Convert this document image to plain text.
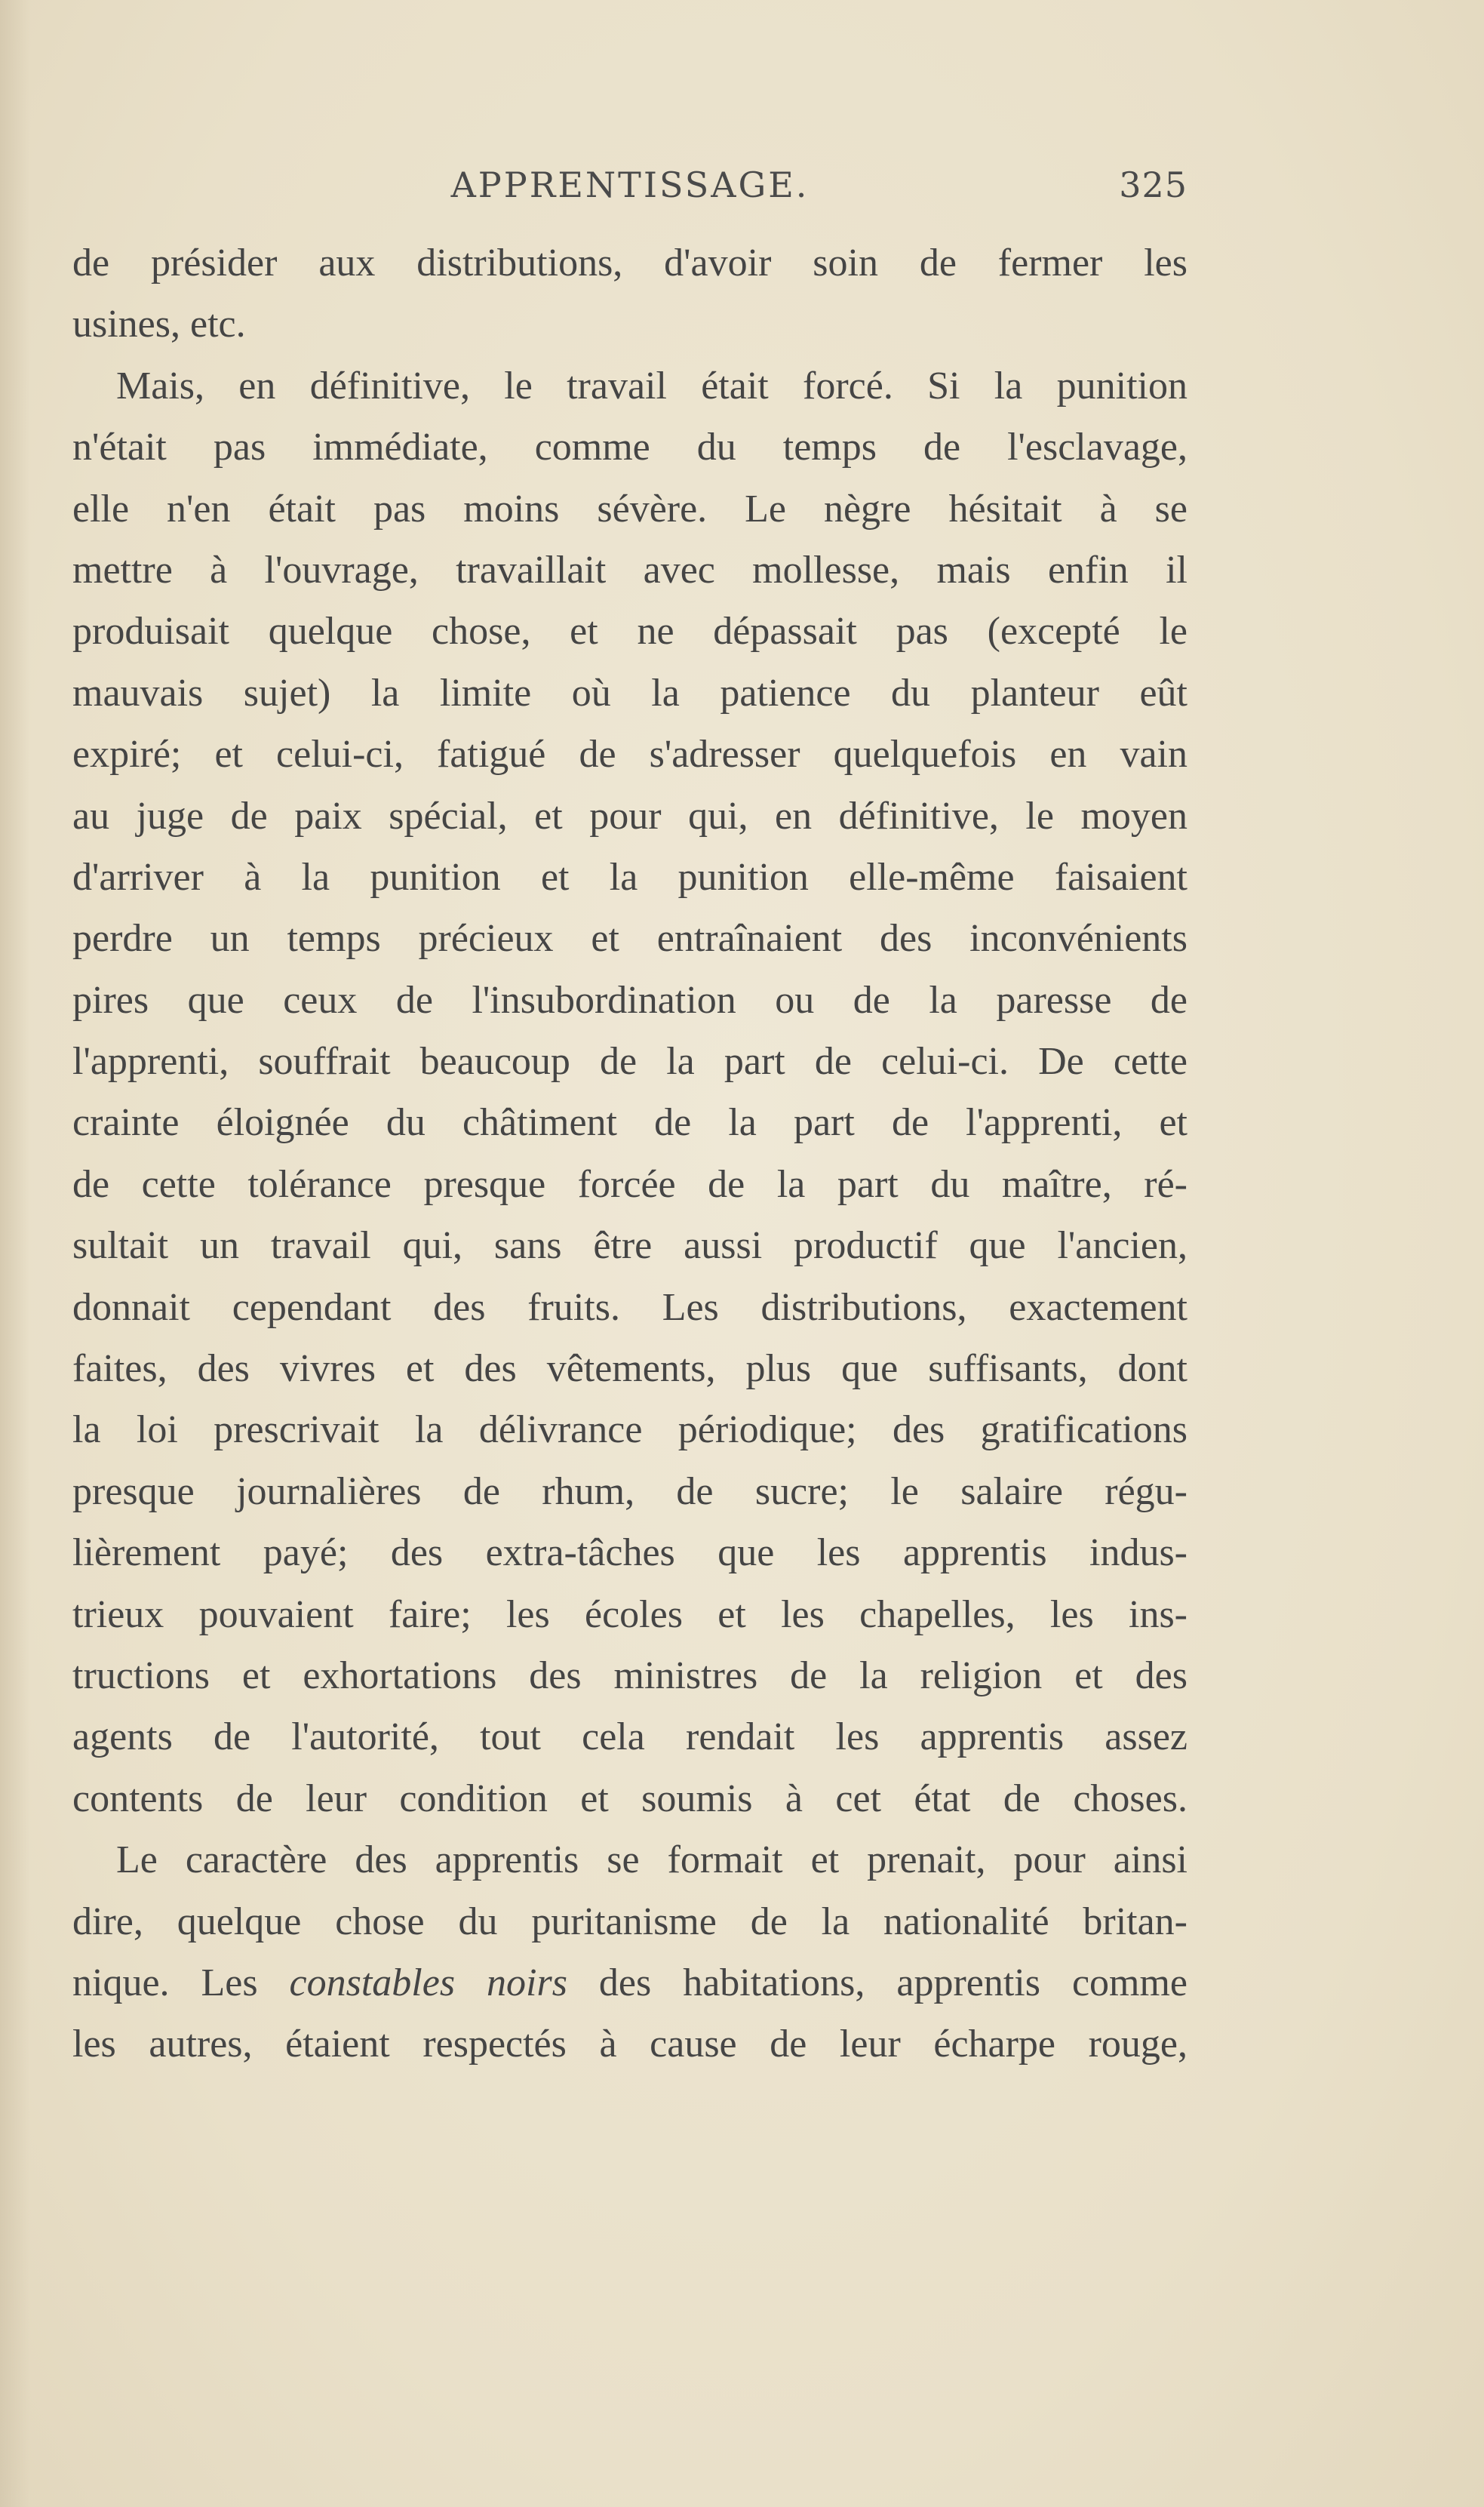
APPRENTISSAGE.	325
de présider aux distributions, d'avoir soin de fermer les
usines, etc.
Mais, en définitive, le travail était forcé. Si la punition
n'était pas immédiate, comme du temps de l'esclavage,
elle n'en était pas moins sévère. Le nègre hésitait à se
mettre à l'ouvrage, travaillait avec mollesse, mais enfin il
produisait quelque chose, et ne dépassait pas (excepté le
mauvais sujet) la limite où la patience du planteur eût
expiré; et celui-ci, fatigué de s'adresser quelquefois en vain
au juge de paix spécial, et pour qui, en définitive, le moyen
d'arriver à la punition et la punition elle-même faisaient
perdre un temps précieux et entraînaient des inconvénients
pires que ceux de l'insubordination ou de la paresse de
l'apprenti, souffrait beaucoup de la part de celui-ci. De cette
crainte éloignée du châtiment de la part de l'apprenti, et
de cette tolérance presque forcée de la part du maître, ré-
sultait un travail qui, sans être aussi productif que l'ancien,
donnait cependant des fruits. Les distributions, exactement
faites, des vivres et des vêtements, plus que suffisants, dont
la loi prescrivait la délivrance périodique; des gratifications
presque journalières de rhum, de sucre; le salaire régu-
lièrement payé; des extra-tâches que les apprentis indus-
trieux pouvaient faire; les écoles et les chapelles, les ins-
tructions et exhortations des ministres de la religion et des
agents de l'autorité, tout cela rendait les apprentis assez
contents de leur condition et soumis à cet état de choses.
Le caractère des apprentis se formait et prenait, pour ainsi
dire, quelque chose du puritanisme de la nationalité britan-
nique. Les constables noirs des habitations, apprentis comme
les autres, étaient respectés à cause de leur écharpe rouge,
